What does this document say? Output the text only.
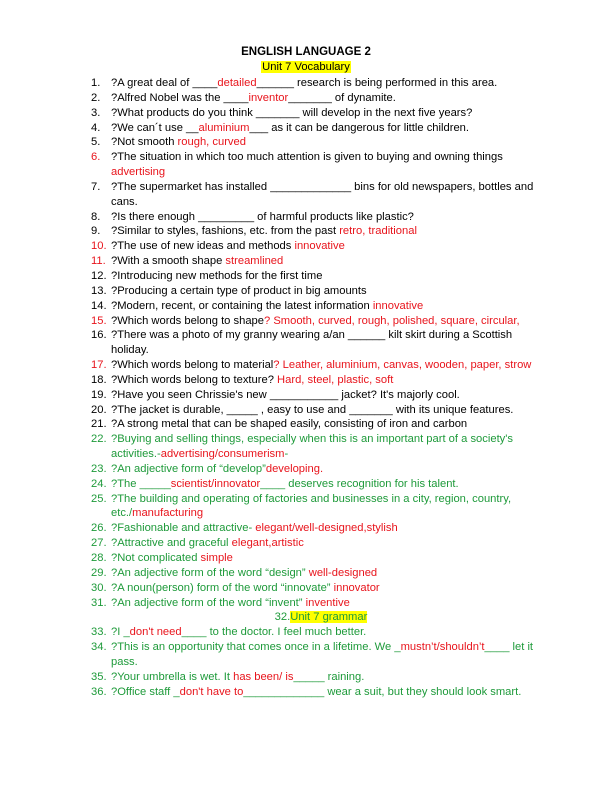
ENGLISH LANGUAGE 2
Unit 7 Vocabulary
1. ?A great deal of ____detailed______ research is being performed in this area.
2. ?Alfred Nobel was the ____inventor_______ of dynamite.
3. ?What products do you think _______ will develop in the next five years?
4. ?We can´t use __aluminium___ as it can be dangerous for little children.
5. ?Not smooth rough, curved
6. ?The situation in which too much attention is given to buying and owning things
advertising
7. ?The supermarket has installed _____________ bins for old newspapers, bottles and cans.
8. ?Is there enough _________ of harmful products like plastic?
9. ?Similar to styles, fashions, etc. from the past retro, traditional
10. ?The use of new ideas and methods innovative
11. ?With a smooth shape streamlined
12. ?Introducing new methods for the first time
13. ?Producing a certain type of product in big amounts
14. ?Modern, recent, or containing the latest information innovative
15. ?Which words belong to shape? Smooth, curved, rough, polished, square, circular,
16. ?There was a photo of my granny wearing a/an ______ kilt skirt during a Scottish holiday.
17. ?Which words belong to material? Leather, aluminium, canvas, wooden, paper, strow
18. ?Which words belong to texture? Hard, steel, plastic, soft
19. ?Have you seen Chrissie's new ___________ jacket? It's majorly cool.
20. ?The jacket is durable, _____ , easy to use and _______ with its unique features.
21. ?A strong metal that can be shaped easily, consisting of iron and carbon
22. ?Buying and selling things, especially when this is an important part of a society's activities.-advertising/consumerism-
23. ?An adjective form of “develop”developing.
24. ?The _____scientist/innovator____ deserves recognition for his talent.
25. ?The building and operating of factories and businesses in a city, region, country, etc./manufacturing
26. ?Fashionable and attractive- elegant/well-designed,stylish
27. ?Attractive and graceful elegant,artistic
28. ?Not complicated simple
29. ?An adjective form of the word “design” well-designed
30. ?A noun(person) form of the word “innovate” innovator
31. ?An adjective form of the word “invent” inventive
32.Unit 7 grammar
33. ?I _don't need____ to the doctor. I feel much better.
34. ?This is an opportunity that comes once in a lifetime. We _mustn’t/shouldn’t____ let it pass.
35. ?Your umbrella is wet. It has been/ is_____ raining.
36. ?Office staff _don't have to_____________ wear a suit, but they should look smart.
